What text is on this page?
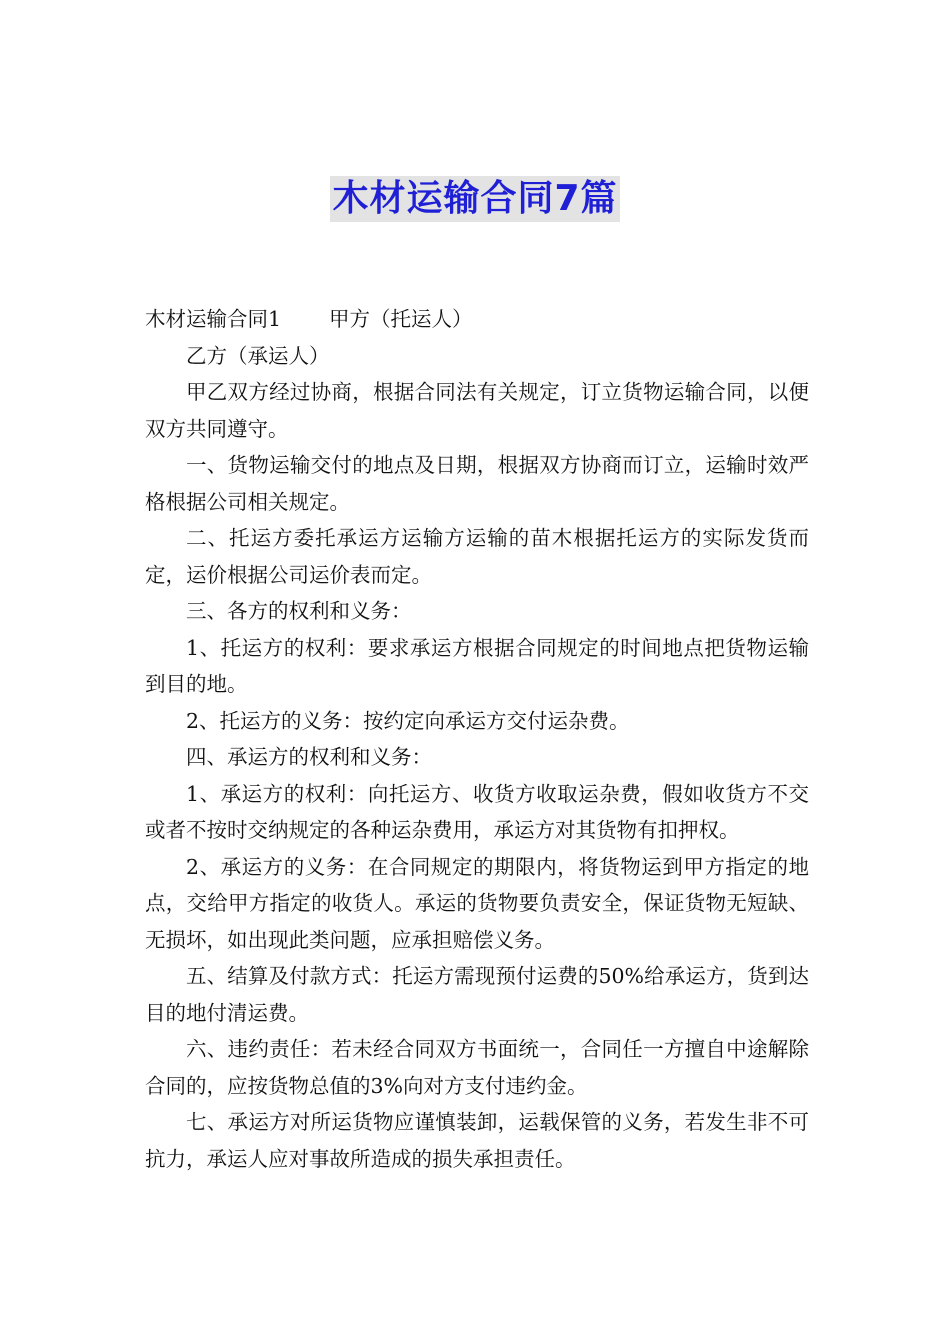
木材运输合同7篇

木材运输合同1 甲方（托运人）

乙方（承运人）

甲乙双方经过协商，根据合同法有关规定，订立货物运输合同，以便双方共同遵守。

一、货物运输交付的地点及日期，根据双方协商而订立，运输时效严格根据公司相关规定。

二、托运方委托承运方运输方运输的苗木根据托运方的实际发货而定，运价根据公司运价表而定。

三、各方的权利和义务：

1、托运方的权利：要求承运方根据合同规定的时间地点把货物运输到目的地。

2、托运方的义务：按约定向承运方交付运杂费。

四、承运方的权利和义务：

1、承运方的权利：向托运方、收货方收取运杂费，假如收货方不交或者不按时交纳规定的各种运杂费用，承运方对其货物有扣押权。

2、承运方的义务：在合同规定的期限内，将货物运到甲方指定的地点，交给甲方指定的收货人。承运的货物要负责安全，保证货物无短缺、无损坏，如出现此类问题，应承担赔偿义务。

五、结算及付款方式：托运方需现预付运费的50%给承运方，货到达目的地付清运费。

六、违约责任：若未经合同双方书面统一，合同任一方擅自中途解除合同的，应按货物总值的3%向对方支付违约金。

七、承运方对所运货物应谨慎装卸，运载保管的义务，若发生非不可抗力，承运人应对事故所造成的损失承担责任。
